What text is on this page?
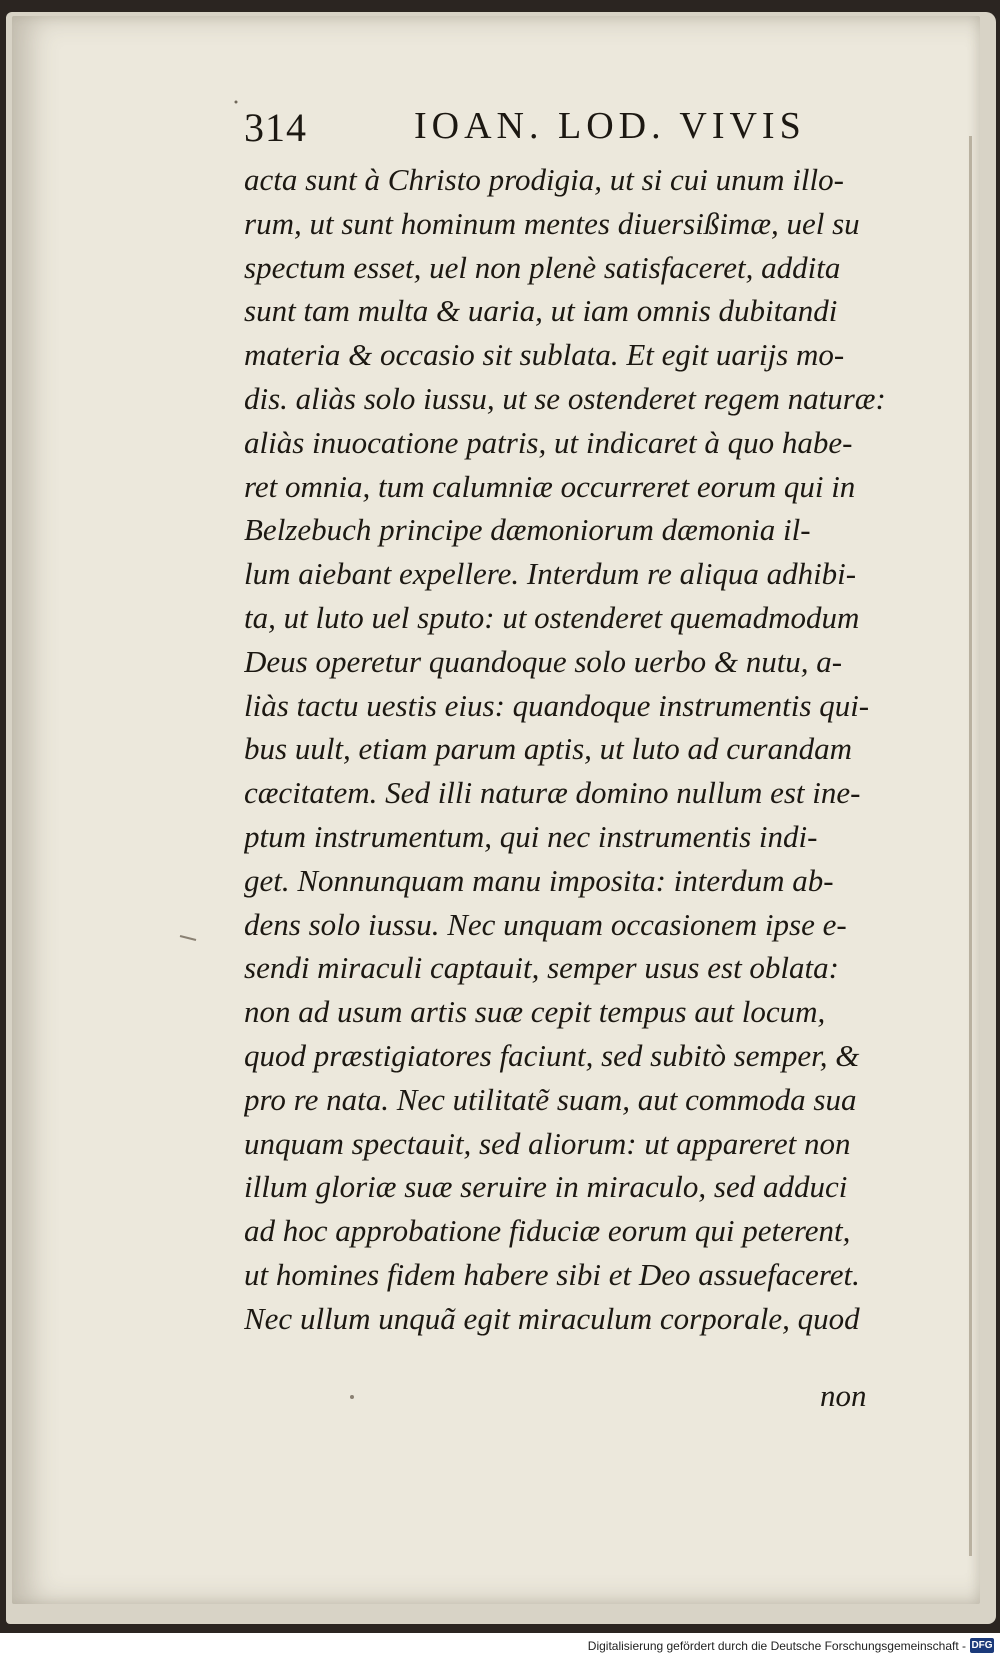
314	IOAN. LOD. VIVIS
acta sunt à Christo prodigia, ut si cui unum illo-
rum, ut sunt hominum mentes diuersißimæ, uel su
spectum esset, uel non plenè satisfaceret, addita
sunt tam multa & uaria, ut iam omnis dubitandi
materia & occasio sit sublata. Et egit uarijs mo-
dis. aliàs solo iussu, ut se ostenderet regem naturæ:
aliàs inuocatione patris, ut indicaret à quo habe-
ret omnia, tum calumniæ occurreret eorum qui in
Belzebuch principe dæmoniorum dæmonia il-
lum aiebant expellere. Interdum re aliqua adhibi-
ta, ut luto uel sputo: ut ostenderet quemadmodum
Deus operetur quandoque solo uerbo & nutu, a-
liàs tactu uestis eius: quandoque instrumentis qui-
bus uult, etiam parum aptis, ut luto ad curandam
cæcitatem. Sed illi naturæ domino nullum est ine-
ptum instrumentum, qui nec instrumentis indi-
get. Nonnunquam manu imposita: interdum ab-
dens solo iussu. Nec unquam occasionem ipse e-
sendi miraculi captauit, semper usus est oblata:
non ad usum artis suæ cepit tempus aut locum,
quod præstigiatores faciunt, sed subitò semper, &
pro re nata. Nec utilitatẽ suam, aut commoda sua
unquam spectauit, sed aliorum: ut appareret non
illum gloriæ suæ seruire in miraculo, sed adduci
ad hoc approbatione fiduciæ eorum qui peterent,
ut homines fidem habere sibi et Deo assuefaceret.
Nec ullum unquã egit miraculum corporale, quod
non
Digitalisierung gefördert durch die Deutsche Forschungsgemeinschaft - DFG
